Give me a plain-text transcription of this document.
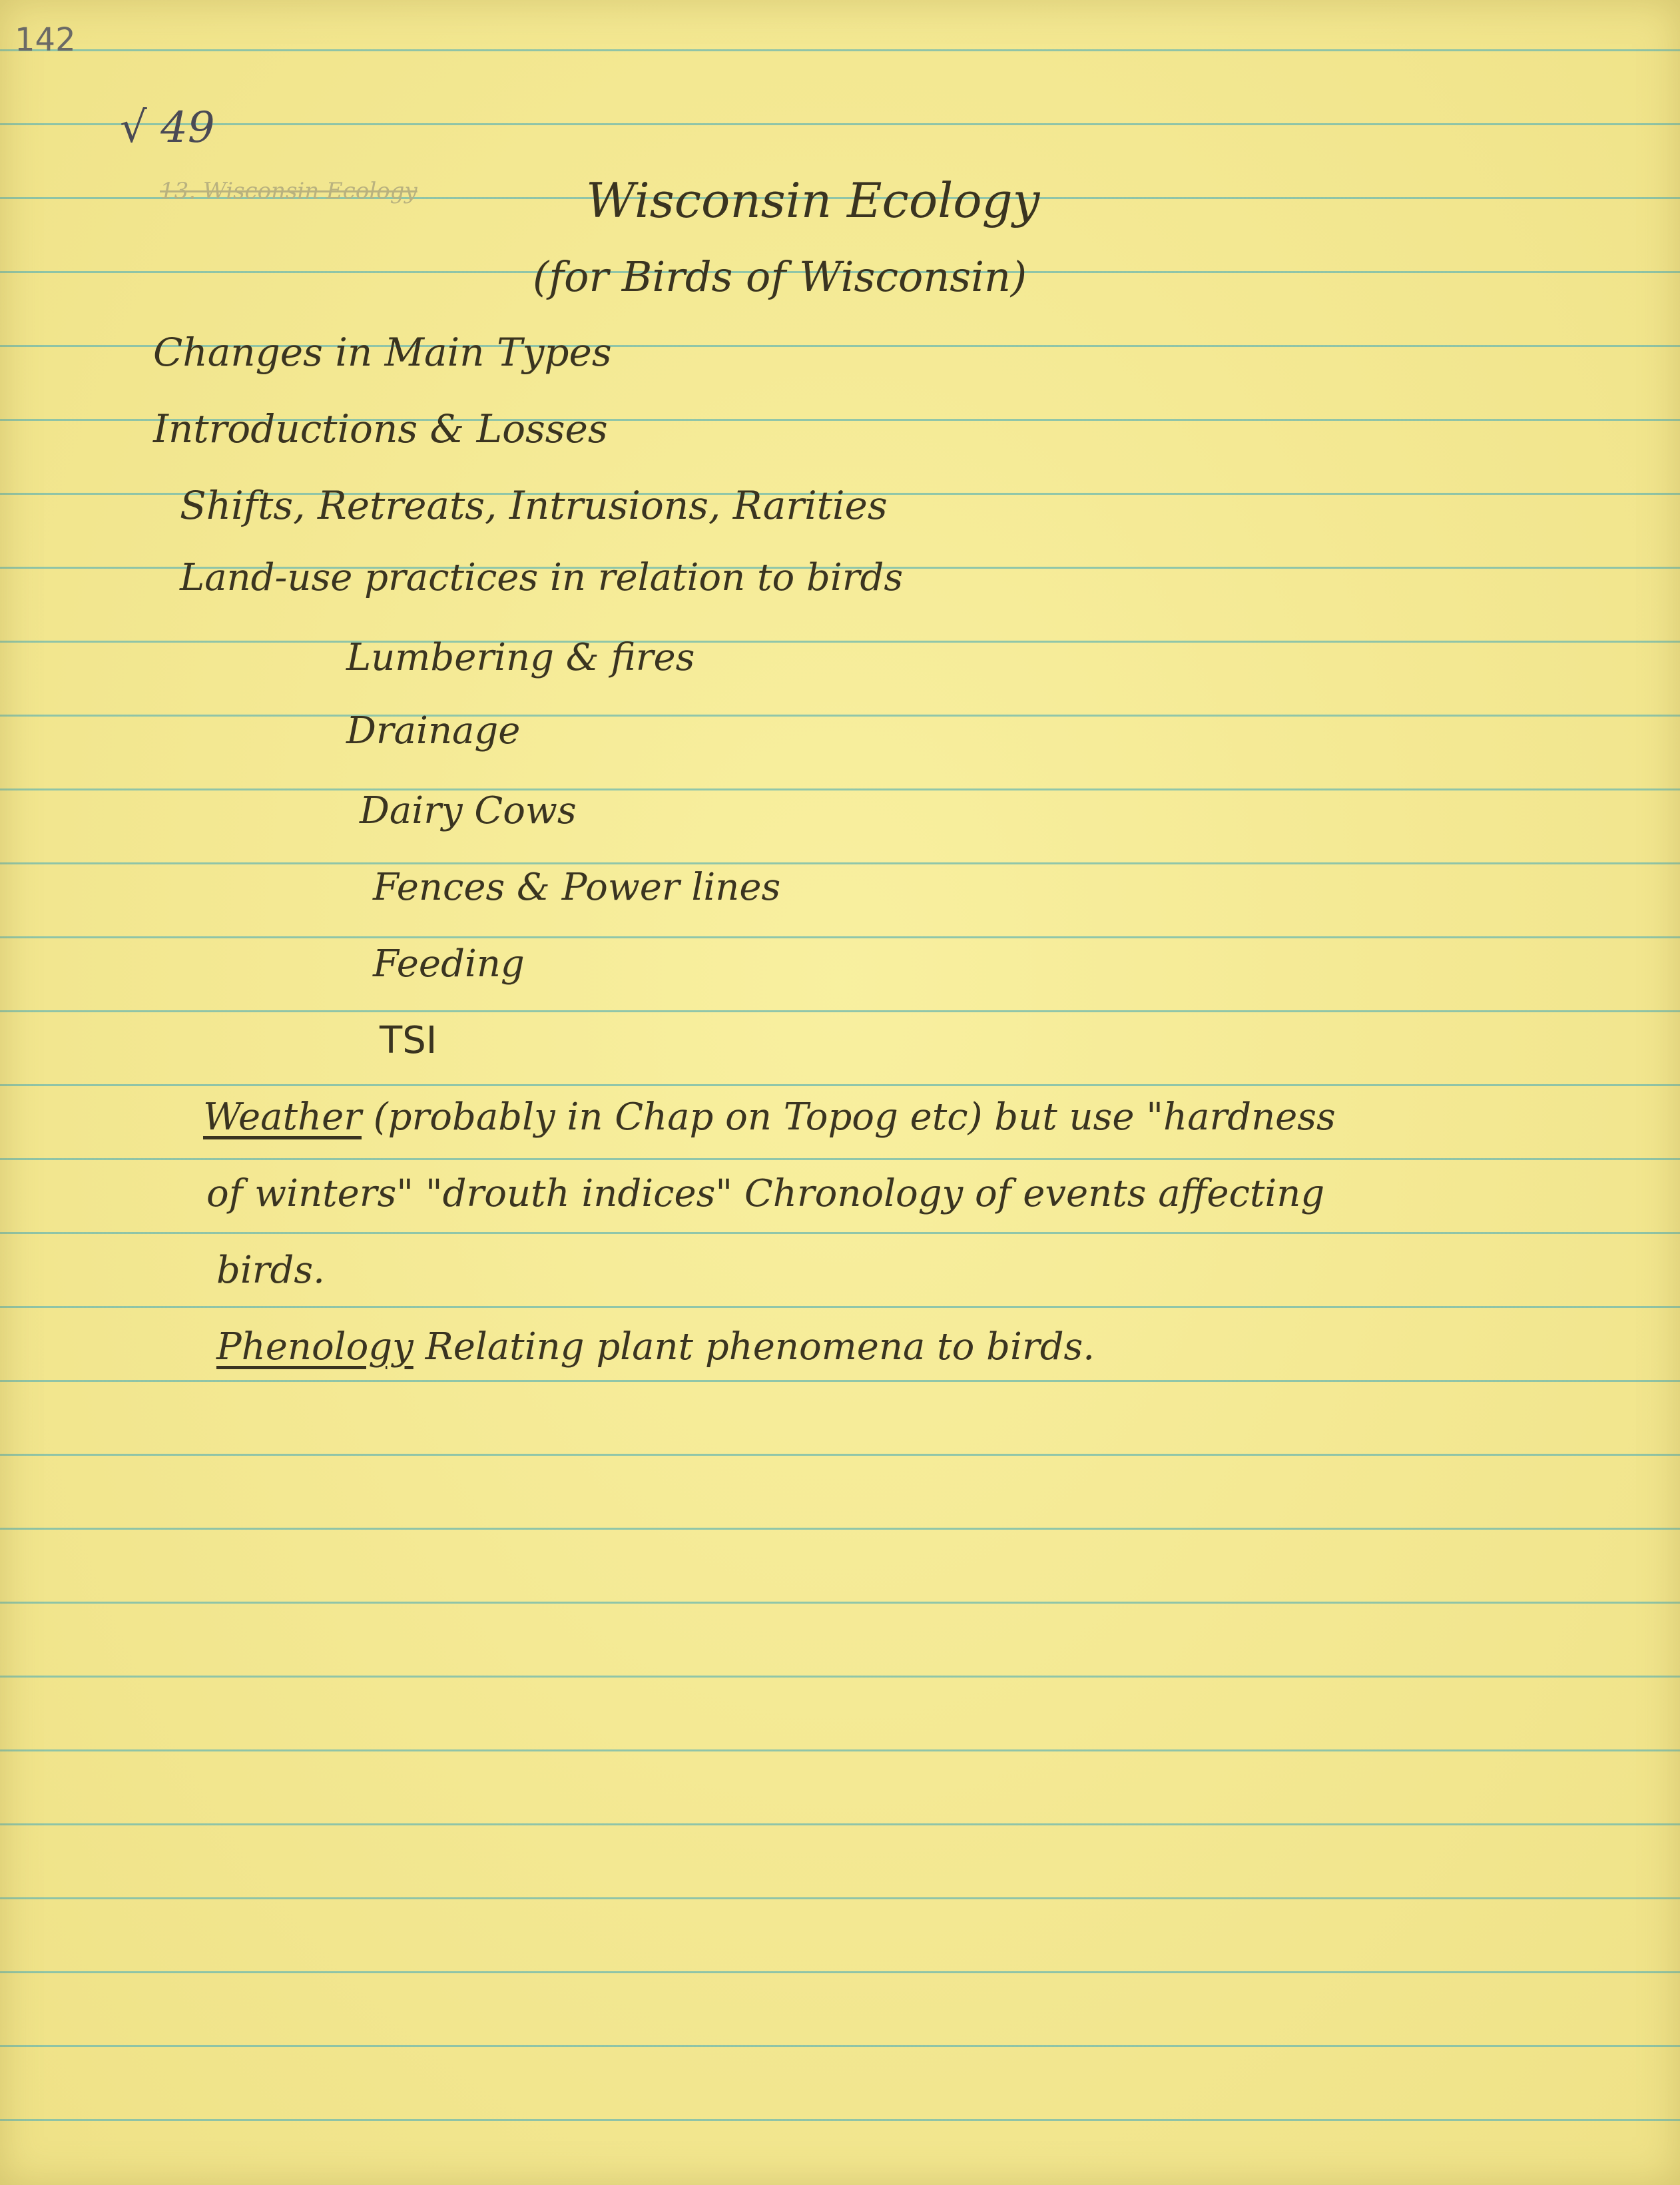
142
√ 49
13. Wisconsin Ecology	Wisconsin Ecology
(for Birds of Wisconsin)
Changes in Main Types
Introductions & Losses
Shifts, Retreats, Intrusions, Rarities
Land-use practices in relation to birds
Lumbering & fires
Drainage
Dairy Cows
Fences & Power lines
Feeding
TSI
Weather (probably in Chap on Topog etc) but use "hardness
of winters" "drouth indices" Chronology of events affecting
birds.
Phenology Relating plant phenomena to birds.
